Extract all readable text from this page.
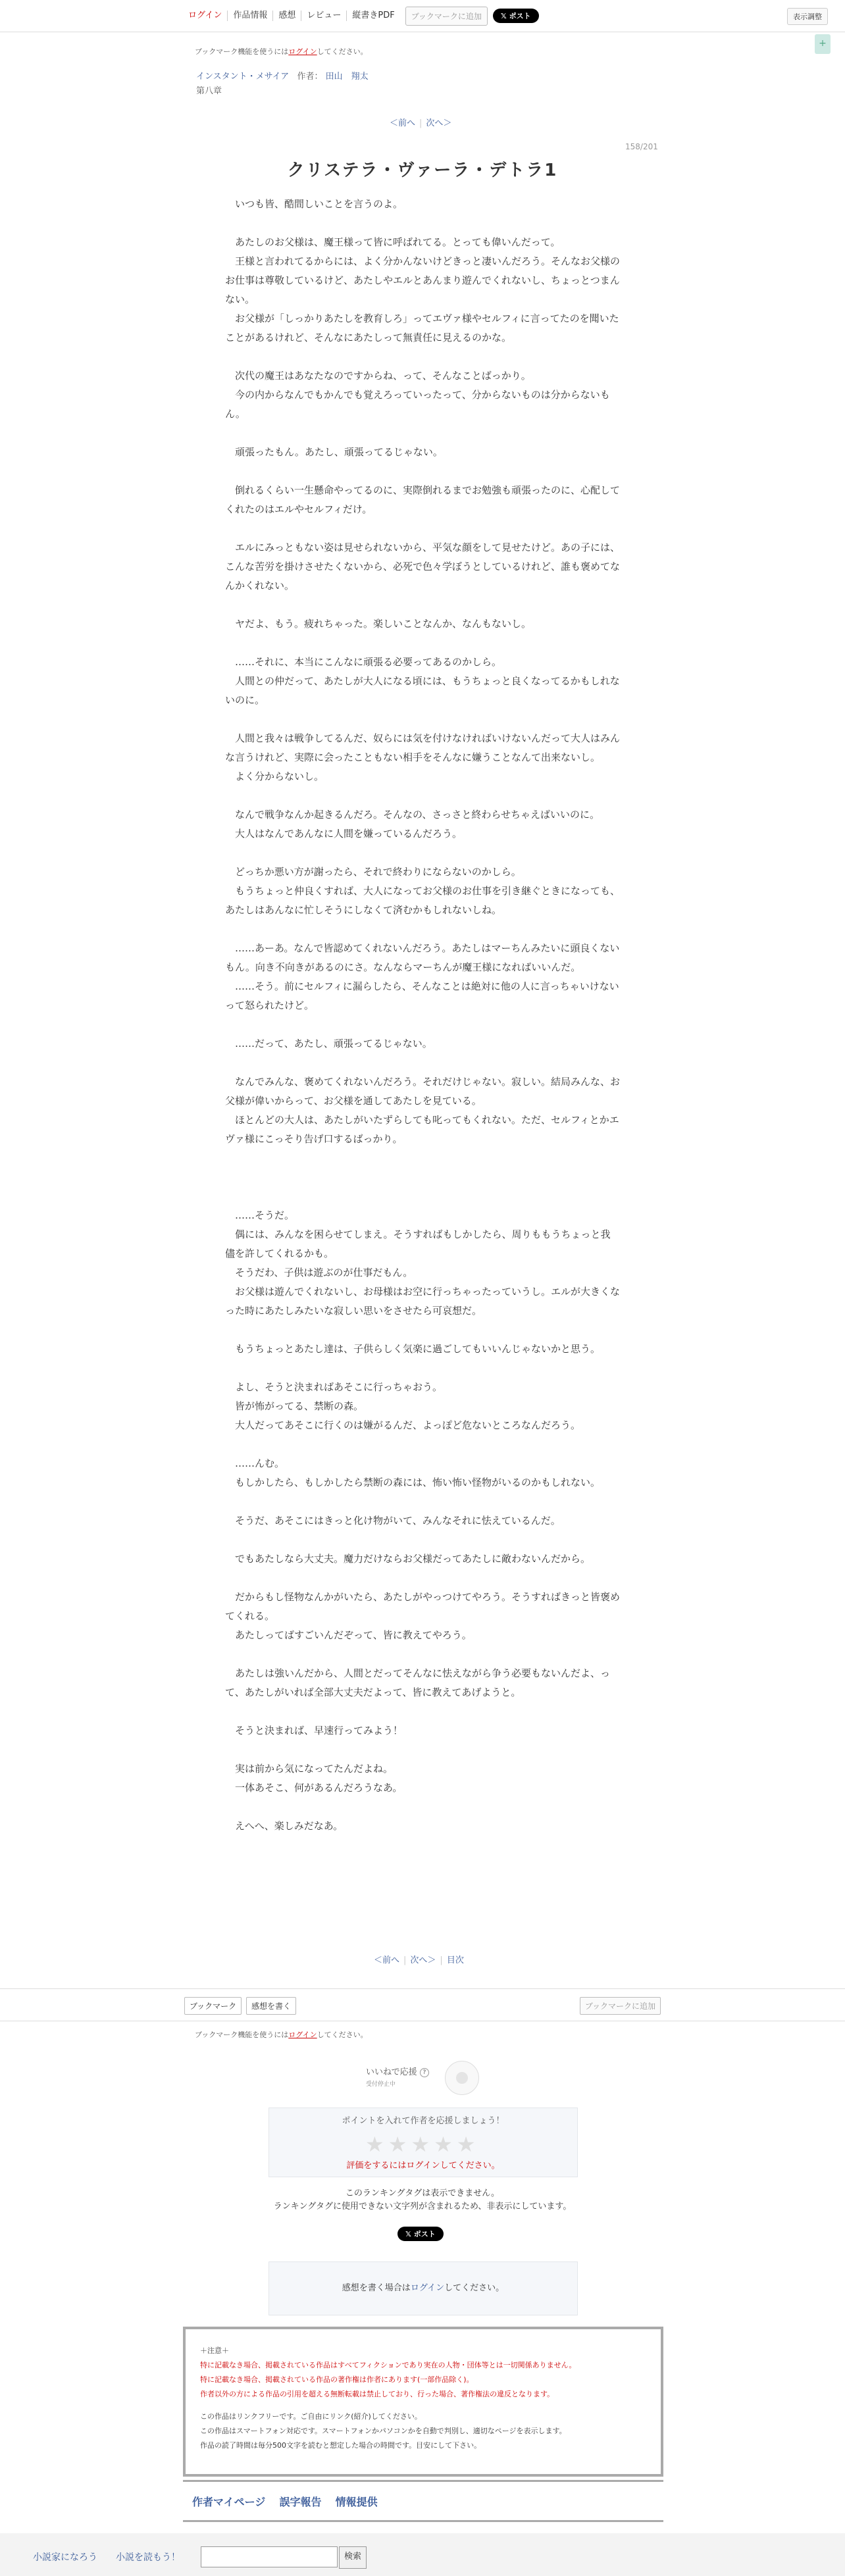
ログイン	作品情報	感想	レビュー	縦書きPDF	ブックマークに追加	𝕏 ポスト	表示調整
+
ブックマーク機能を使うにはログインしてください。
インスタント・メサイア 作者： 田山　翔太
第八章
＜前へ | 次へ＞
158/201
クリステラ・ヴァーラ・デトラ1

　いつも皆、酷間しいことを言うのよ。

　あたしのお父様は、魔王様って皆に呼ばれてる。とっても偉いんだって。

　王様と言われてるからには、よく分かんないけどきっと凄いんだろう。そんなお父様のお仕事は尊敬しているけど、あたしやエルとあんまり遊んでくれないし、ちょっとつまんない。

　お父様が「しっかりあたしを教育しろ」ってエヴァ様やセルフィに言ってたのを聞いたことがあるけれど、そんなにあたしって無責任に見えるのかな。

　次代の魔王はあなたなのですからね、って、そんなことばっかり。

　今の内からなんでもかんでも覚えろっていったって、分からないものは分からないもん。

　頑張ったもん。あたし、頑張ってるじゃない。

　倒れるくらい一生懸命やってるのに、実際倒れるまでお勉強も頑張ったのに、心配してくれたのはエルやセルフィだけ。

　エルにみっともない姿は見せられないから、平気な顔をして見せたけど。あの子には、こんな苦労を掛けさせたくないから、必死で色々学ぼうとしているけれど、誰も褒めてなんかくれない。

　ヤだよ、もう。疲れちゃった。楽しいことなんか、なんもないし。

　……それに、本当にこんなに頑張る必要ってあるのかしら。

　人間との仲だって、あたしが大人になる頃には、もうちょっと良くなってるかもしれないのに。

　人間と我々は戦争してるんだ、奴らには気を付けなければいけないんだって大人はみんな言うけれど、実際に会ったこともない相手をそんなに嫌うことなんて出来ないし。

　よく分からないし。

　なんで戦争なんか起きるんだろ。そんなの、さっさと終わらせちゃえばいいのに。

　大人はなんであんなに人間を嫌っているんだろう。

　どっちか悪い方が謝ったら、それで終わりにならないのかしら。

　もうちょっと仲良くすれば、大人になってお父様のお仕事を引き継ぐときになっても、あたしはあんなに忙しそうにしなくて済むかもしれないしね。

　……あーあ。なんで皆認めてくれないんだろう。あたしはマーちんみたいに頭良くないもん。向き不向きがあるのにさ。なんならマーちんが魔王様になればいいんだ。

　……そう。前にセルフィに漏らしたら、そんなことは絶対に他の人に言っちゃいけないって怒られたけど。

　……だって、あたし、頑張ってるじゃない。

　なんでみんな、褒めてくれないんだろう。それだけじゃない。寂しい。結局みんな、お父様が偉いからって、お父様を通してあたしを見ている。

　ほとんどの大人は、あたしがいたずらしても叱ってもくれない。ただ、セルフィとかエヴァ様にこっそり告げ口するばっかり。

　……そうだ。

　偶には、みんなを困らせてしまえ。そうすればもしかしたら、周りももうちょっと我儘を許してくれるかも。

　そうだわ、子供は遊ぶのが仕事だもん。

　お父様は遊んでくれないし、お母様はお空に行っちゃったっていうし。エルが大きくなった時にあたしみたいな寂しい思いをさせたら可哀想だ。

　もうちょっとあたし達は、子供らしく気楽に過ごしてもいいんじゃないかと思う。

　よし、そうと決まればあそこに行っちゃおう。

　皆が怖がってる、禁断の森。

　大人だってあそこに行くのは嫌がるんだ、よっぽど危ないところなんだろう。

　……んむ。

　もしかしたら、もしかしたら禁断の森には、怖い怖い怪物がいるのかもしれない。

　そうだ、あそこにはきっと化け物がいて、みんなそれに怯えているんだ。

　でもあたしなら大丈夫。魔力だけならお父様だってあたしに敵わないんだから。

　だからもし怪物なんかがいたら、あたしがやっつけてやろう。そうすればきっと皆褒めてくれる。

　あたしってばすごいんだぞって、皆に教えてやろう。

　あたしは強いんだから、人間とだってそんなに怯えながら争う必要もないんだよ、って、あたしがいれば全部大丈夫だよって、皆に教えてあげようと。

　そうと決まれば、早速行ってみよう！

　実は前から気になってたんだよね。

　一体あそこ、何があるんだろうなあ。

　えへへ、楽しみだなあ。

＜前へ | 次へ＞ | 目次
ブックマーク	感想を書く	ブックマークに追加
ブックマーク機能を使うにはログインしてください。
いいねで応援 ?
受付停止中
ポイントを入れて作者を応援しましょう！
★★★★★
評価をするにはログインしてください。
このランキングタグは表示できません。
ランキングタグに使用できない文字列が含まれるため、非表示にしています。
𝕏 ポスト
感想を書く場合はログインしてください。
＋注意＋
特に記載なき場合、掲載されている作品はすべてフィクションであり実在の人物・団体等とは一切関係ありません。
特に記載なき場合、掲載されている作品の著作権は作者にあります(一部作品除く)。
作者以外の方による作品の引用を超える無断転載は禁止しており、行った場合、著作権法の違反となります。
この作品はリンクフリーです。ご自由にリンク(紹介)してください。
この作品はスマートフォン対応です。スマートフォンかパソコンかを自動で判別し、適切なページを表示します。
作品の読了時間は毎分500文字を読むと想定した場合の時間です。目安にして下さい。
作者マイページ 誤字報告 情報提供
小説家になろう 小説を読もう！	検索
